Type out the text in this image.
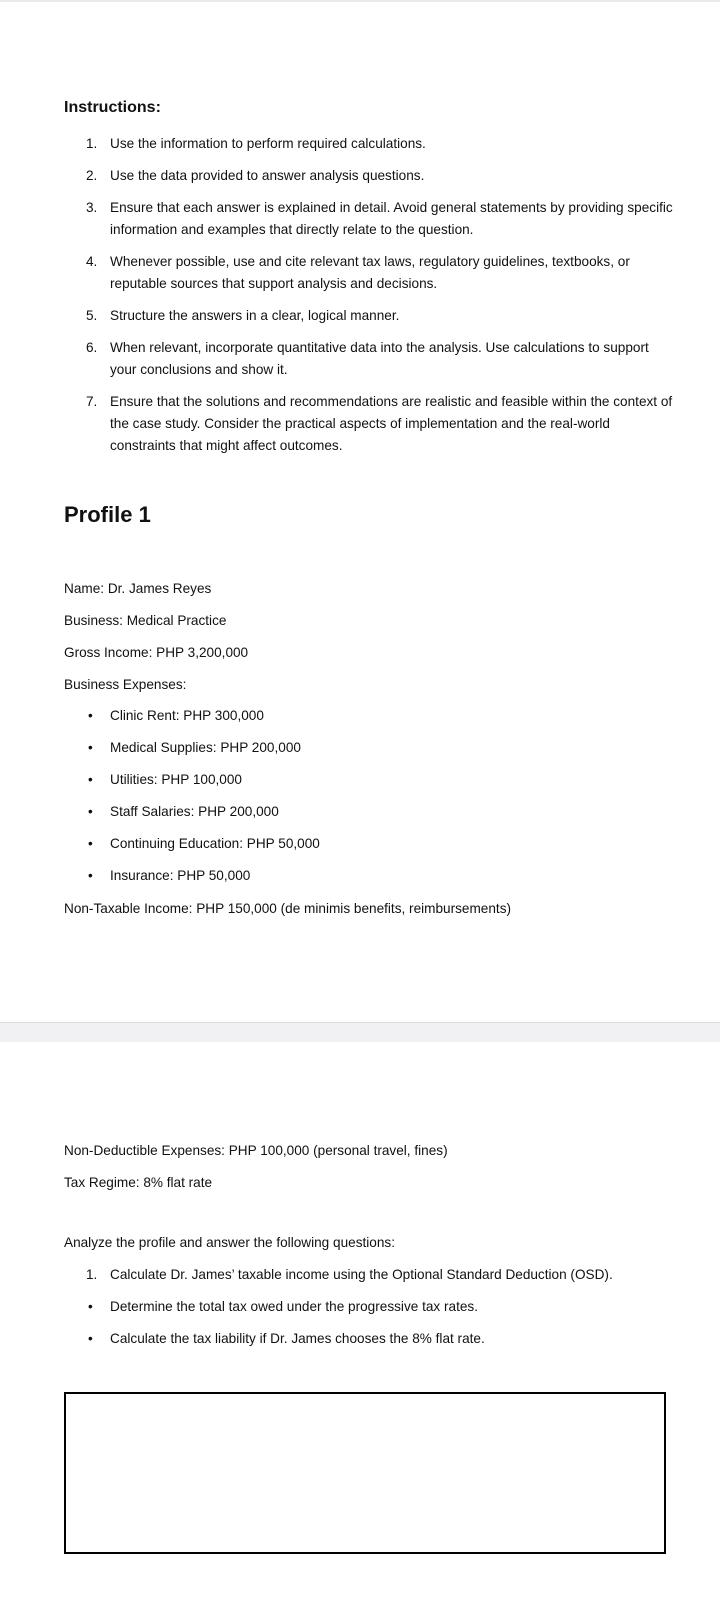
Instructions:
1. Use the information to perform required calculations.
2. Use the data provided to answer analysis questions.
3. Ensure that each answer is explained in detail. Avoid general statements by providing specific information and examples that directly relate to the question.
4. Whenever possible, use and cite relevant tax laws, regulatory guidelines, textbooks, or reputable sources that support analysis and decisions.
5. Structure the answers in a clear, logical manner.
6. When relevant, incorporate quantitative data into the analysis. Use calculations to support your conclusions and show it.
7. Ensure that the solutions and recommendations are realistic and feasible within the context of the case study. Consider the practical aspects of implementation and the real-world constraints that might affect outcomes.
Profile 1
Name: Dr. James Reyes
Business: Medical Practice
Gross Income: PHP 3,200,000
Business Expenses:
• Clinic Rent: PHP 300,000
• Medical Supplies: PHP 200,000
• Utilities: PHP 100,000
• Staff Salaries: PHP 200,000
• Continuing Education: PHP 50,000
• Insurance: PHP 50,000
Non-Taxable Income: PHP 150,000 (de minimis benefits, reimbursements)
Non-Deductible Expenses: PHP 100,000 (personal travel, fines)
Tax Regime: 8% flat rate
Analyze the profile and answer the following questions:
1. Calculate Dr. James’ taxable income using the Optional Standard Deduction (OSD).
• Determine the total tax owed under the progressive tax rates.
• Calculate the tax liability if Dr. James chooses the 8% flat rate.
